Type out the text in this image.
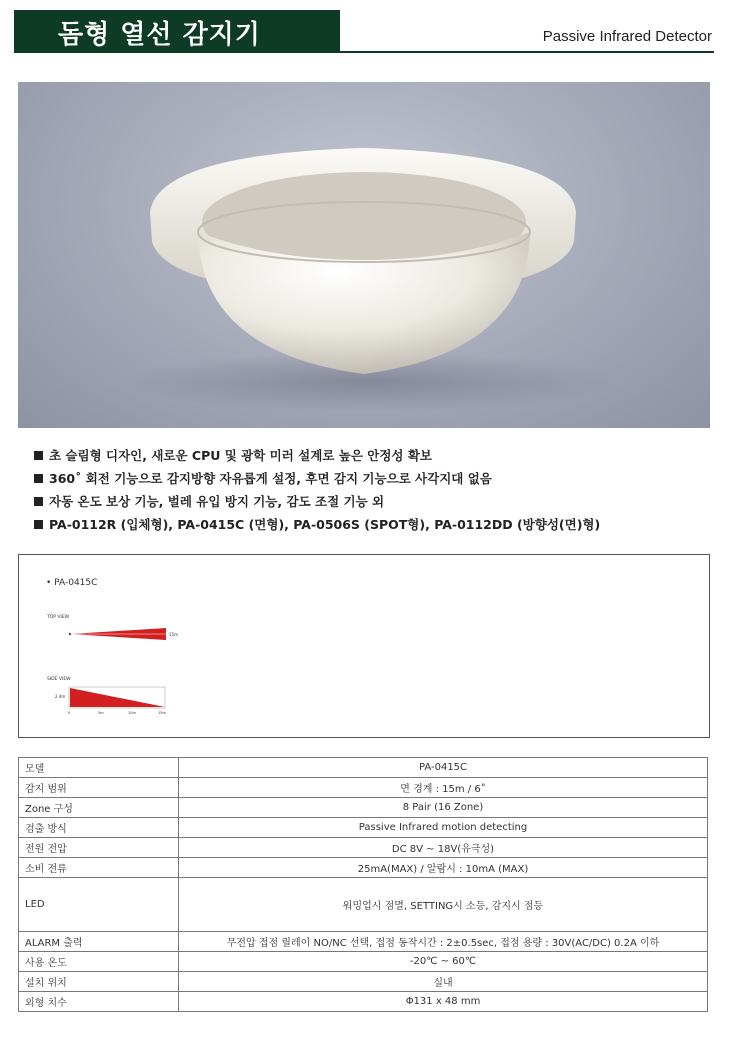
돔형 열선 감지기	Passive Infrared Detector
초 슬림형 디자인, 새로운 CPU 및 광학 미러 설계로 높은 안정성 확보
360˚ 회전 기능으로 감지방향 자유롭게 설정, 후면 감지 기능으로 사각지대 없음
자동 온도 보상 기능, 벌레 유입 방지 기능, 감도 조절 기능 외
PA-0112R (입체형), PA-0415C (면형), PA-0506S (SPOT형), PA-0112DD (방향성(면)형)
• PA-0415C
TOP VIEW
15m
SIDE VIEW
2.4m
0	5m	10m	15m
모델	PA-0415C
감지 범위	면 경계 : 15m / 6˚
Zone 구성	8 Pair (16 Zone)
검출 방식	Passive Infrared motion detecting
전원 전압	DC 8V ~ 18V(유극성)
소비 전류	25mA(MAX) / 알람시 : 10mA (MAX)
LED	워밍업시 점멸, SETTING시 소등, 감지시 점등
ALARM 출력	무전압 접점 릴레이 NO/NC 선택, 접점 동작시간 : 2±0.5sec, 접점 용량 : 30V(AC/DC) 0.2A 이하
사용 온도	-20℃ ~ 60℃
설치 위치	실내
외형 치수	Φ131 x 48 mm
